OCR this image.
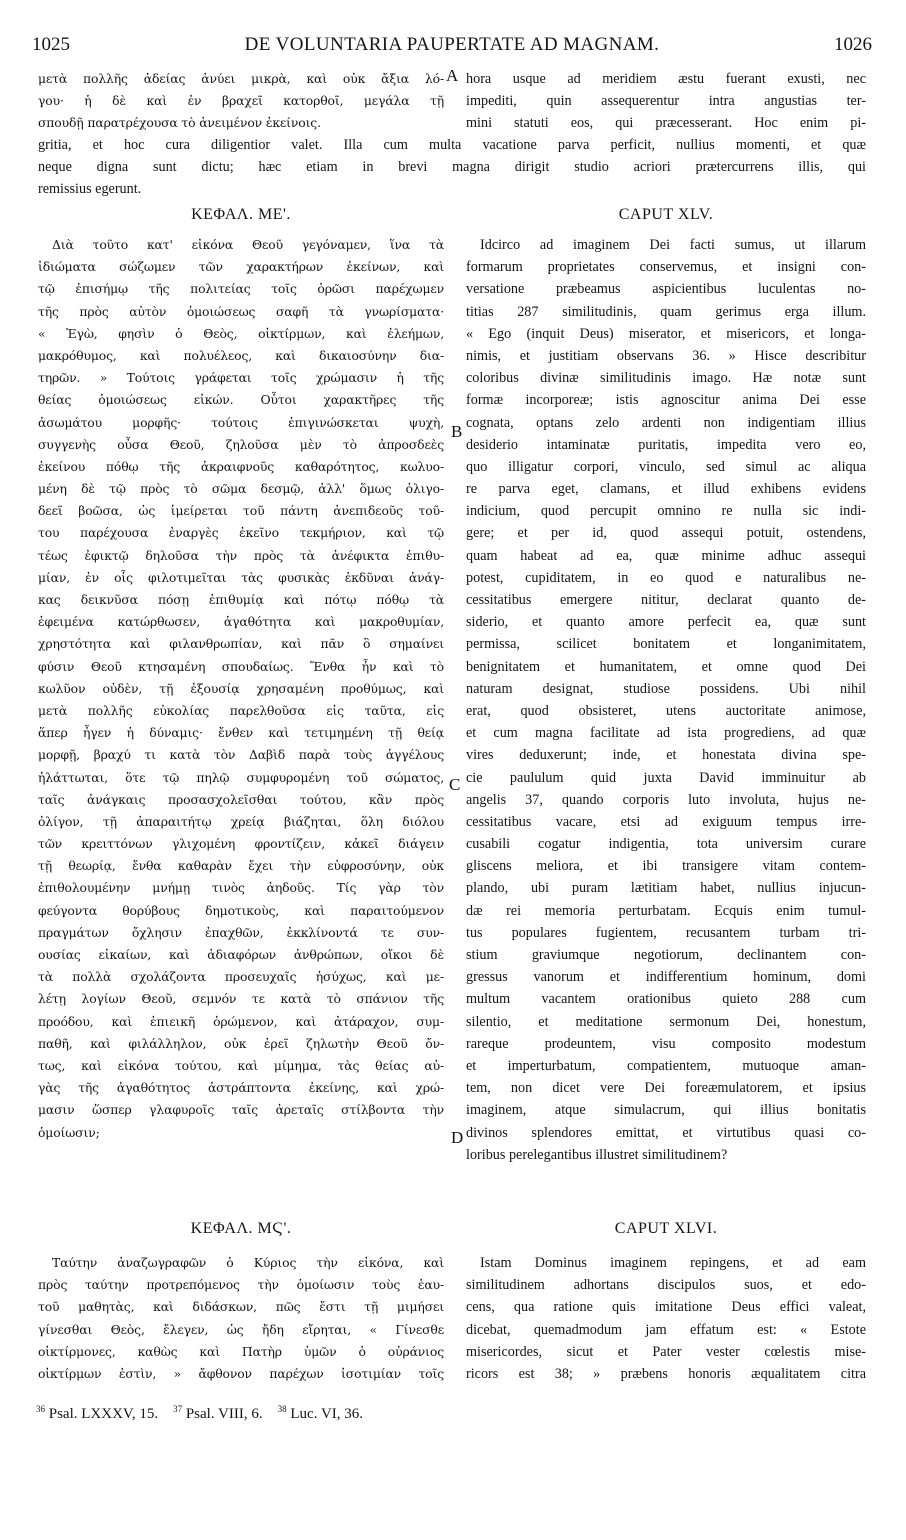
1025	DE VOLUNTARIA PAUPERTATE AD MAGNAM.	1026
μετὰ πολλῆς ἀδείας ἀνύει μικρὰ, καὶ οὐκ ἄξια λό-
γου· ἡ δὲ καὶ ἐν βραχεῖ κατορθοῖ, μεγάλα τῇ
σπουδῇ παρατρέχουσα τὸ ἀνειμένον ἐκείνοις.
hora usque ad meridiem æstu fuerant exusti, nec
impediti, quin assequerentur intra angustias ter-
mini statuti eos, qui præcesserant. Hoc enim pi-
gritia, et hoc cura diligentior valet. Illa cum multa vacatione parva perficit, nullius momenti, et quæ
neque digna sunt dictu; hæc etiam in brevi magna dirigit studio acriori prætercurrens illis, qui
remissius egerunt.
A
B
C
D
ΚΕΦΑΛ. ΜΕ'.	CAPUT XLV.
Διὰ τοῦτο κατ' εἰκόνα Θεοῦ γεγόναμεν, ἵνα τὰ
ἰδιώματα σώζωμεν τῶν χαρακτήρων ἐκείνων, καὶ
τῷ ἐπισήμῳ τῆς πολιτείας τοῖς ὁρῶσι παρέχωμεν
τῆς πρὸς αὐτὸν ὁμοιώσεως σαφῆ τὰ γνωρίσματα·
« Ἐγὼ, φησὶν ὁ Θεὸς, οἰκτίρμων, καὶ ἐλεήμων,
μακρόθυμος, καὶ πολυέλεος, καὶ δικαιοσύνην δια-
τηρῶν. » Τούτοις γράφεται τοῖς χρώμασιν ἡ τῆς
θείας ὁμοιώσεως εἰκών. Οὗτοι χαρακτῆρες τῆς
ἀσωμάτου μορφῆς· τούτοις ἐπιγινώσκεται ψυχὴ,
συγγενὴς οὖσα Θεοῦ, ζηλοῦσα μὲν τὸ ἀπροσδεὲς
ἐκείνου πόθῳ τῆς ἀκραιφνοῦς καθαρότητος, κωλυο-
μένη δὲ τῷ πρὸς τὸ σῶμα δεσμῷ, ἀλλ' ὅμως ὀλιγο-
δεεῖ βοῶσα, ὡς ἱμείρεται τοῦ πάντη ἀνεπιδεοῦς τοῦ-
του παρέχουσα ἐναργὲς ἐκεῖνο τεκμήριον, καὶ τῷ
τέως ἐφικτῷ δηλοῦσα τὴν πρὸς τὰ ἀνέφικτα ἐπιθυ-
μίαν, ἐν οἷς φιλοτιμεῖται τὰς φυσικὰς ἐκδῦναι ἀνάγ-
κας δεικνῦσα πόσῃ ἐπιθυμίᾳ καὶ πότῳ πόθῳ τὰ
ἐφειμένα κατώρθωσεν, ἀγαθότητα καὶ μακροθυμίαν,
χρηστότητα καὶ φιλανθρωπίαν, καὶ πᾶν ὃ σημαίνει
φύσιν Θεοῦ κτησαμένη σπουδαίως. Ἔνθα ἦν καὶ τὸ
κωλῦον οὐδὲν, τῇ ἐξουσίᾳ χρησαμένη προθύμως, καὶ
μετὰ πολλῆς εὐκολίας παρελθοῦσα εἰς ταῦτα, εἰς
ἅπερ ἦγεν ἡ δύναμις· ἔνθεν καὶ τετιμημένη τῇ θείᾳ
μορφῇ, βραχύ τι κατὰ τὸν Δαβὶδ παρὰ τοὺς ἀγγέλους
ἠλάττωται, ὅτε τῷ πηλῷ συμφυρομένη τοῦ σώματος,
ταῖς ἀνάγκαις προσασχολεῖσθαι τούτου, κἂν πρὸς
ὀλίγον, τῇ ἀπαραιτήτῳ χρείᾳ βιάζηται, ὅλη διόλου
τῶν κρειττόνων γλιχομένη φροντίζειν, κἀκεῖ διάγειν
τῇ θεωρίᾳ, ἔνθα καθαρὰν ἔχει τὴν εὐφροσύνην, οὐκ
ἐπιθολουμένην μνήμῃ τινὸς ἀηδοῦς. Τίς γὰρ τὸν
φεύγοντα θορύβους δημοτικοὺς, καὶ παραιτούμενον
πραγμάτων ὄχλησιν ἐπαχθῶν, ἐκκλίνοντά τε συν-
ουσίας εἰκαίων, καὶ ἀδιαφόρων ἀνθρώπων, οἴκοι δὲ
τὰ πολλὰ σχολάζοντα προσευχαῖς ἡσύχως, καὶ με-
λέτῃ λογίων Θεοῦ, σεμνόν τε κατὰ τὸ σπάνιον τῆς
προόδου, καὶ ἐπιεικῆ ὁρώμενον, καὶ ἀτάραχον, συμ-
παθῆ, καὶ φιλάλληλον, οὐκ ἐρεῖ ζηλωτὴν Θεοῦ ὄν-
τως, καὶ εἰκόνα τούτου, καὶ μίμημα, τὰς θείας αὐ-
γὰς τῆς ἀγαθότητος ἀστράπτοντα ἐκείνης, καὶ χρώ-
μασιν ὥσπερ γλαφυροῖς ταῖς ἀρεταῖς στίλβοντα τὴν
ὁμοίωσιν;
Idcirco ad imaginem Dei facti sumus, ut illarum
formarum proprietates conservemus, et insigni con-
versatione præbeamus aspicientibus luculentas no-
titias 287 similitudinis, quam gerimus erga illum.
« Ego (inquit Deus) miserator, et misericors, et longa-
nimis, et justitiam observans 36. » Hisce describitur
coloribus divinæ similitudinis imago. Hæ notæ sunt
formæ incorporeæ; istis agnoscitur anima Dei esse
cognata, optans zelo ardenti non indigentiam illius
desiderio intaminatæ puritatis, impedita vero eo,
quo illigatur corpori, vinculo, sed simul ac aliqua
re parva eget, clamans, et illud exhibens evidens
indicium, quod percupit omnino re nulla sic indi-
gere; et per id, quod assequi potuit, ostendens,
quam habeat ad ea, quæ minime adhuc assequi
potest, cupiditatem, in eo quod e naturalibus ne-
cessitatibus emergere nititur, declarat quanto de-
siderio, et quanto amore perfecit ea, quæ sunt
permissa, scilicet bonitatem et longanimitatem,
benignitatem et humanitatem, et omne quod Dei
naturam designat, studiose possidens. Ubi nihil
erat, quod obsisteret, utens auctoritate animose,
et cum magna facilitate ad ista progrediens, ad quæ
vires deduxerunt; inde, et honestata divina spe-
cie paululum quid juxta David imminuitur ab
angelis 37, quando corporis luto involuta, hujus ne-
cessitatibus vacare, etsi ad exiguum tempus irre-
cusabili cogatur indigentia, tota universim curare
gliscens meliora, et ibi transigere vitam contem-
plando, ubi puram lætitiam habet, nullius injucun-
dæ rei memoria perturbatam. Ecquis enim tumul-
tus populares fugientem, recusantem turbam tri-
stium graviumque negotiorum, declinantem con-
gressus vanorum et indifferentium hominum, domi
multum vacantem orationibus quieto 288 cum
silentio, et meditatione sermonum Dei, honestum,
rareque prodeuntem, visu composito modestum
et imperturbatum, compatientem, mutuoque aman-
tem, non dicet vere Dei foreæmulatorem, et ipsius
imaginem, atque simulacrum, qui illius bonitatis
divinos splendores emittat, et virtutibus quasi co-
loribus perelegantibus illustret similitudinem?
ΚΕΦΑΛ. ΜϚ'.	CAPUT XLVI.
Ταύτην ἀναζωγραφῶν ὁ Κύριος τὴν εἰκόνα, καὶ
πρὸς ταύτην προτρεπόμενος τὴν ὁμοίωσιν τοὺς ἑαυ-
τοῦ μαθητὰς, καὶ διδάσκων, πῶς ἔστι τῇ μιμήσει
γίνεσθαι Θεὸς, ἔλεγεν, ὡς ἤδη εἴρηται, « Γίνεσθε
οἰκτίρμονες, καθὼς καὶ Πατὴρ ὑμῶν ὁ οὐράνιος
οἰκτίρμων ἐστὶν, » ἄφθονον παρέχων ἰσοτιμίαν τοῖς
Istam Dominus imaginem repingens, et ad eam
similitudinem adhortans discipulos suos, et edo-
cens, qua ratione quis imitatione Deus effici valeat,
dicebat, quemadmodum jam effatum est: « Estote
misericordes, sicut et Pater vester cœlestis mise-
ricors est 38; » præbens honoris æqualitatem citra
$^{36}$ Psal. LXXXV, 15. $^{37}$ Psal. VIII, 6. $^{38}$ Luc. VI, 36.
